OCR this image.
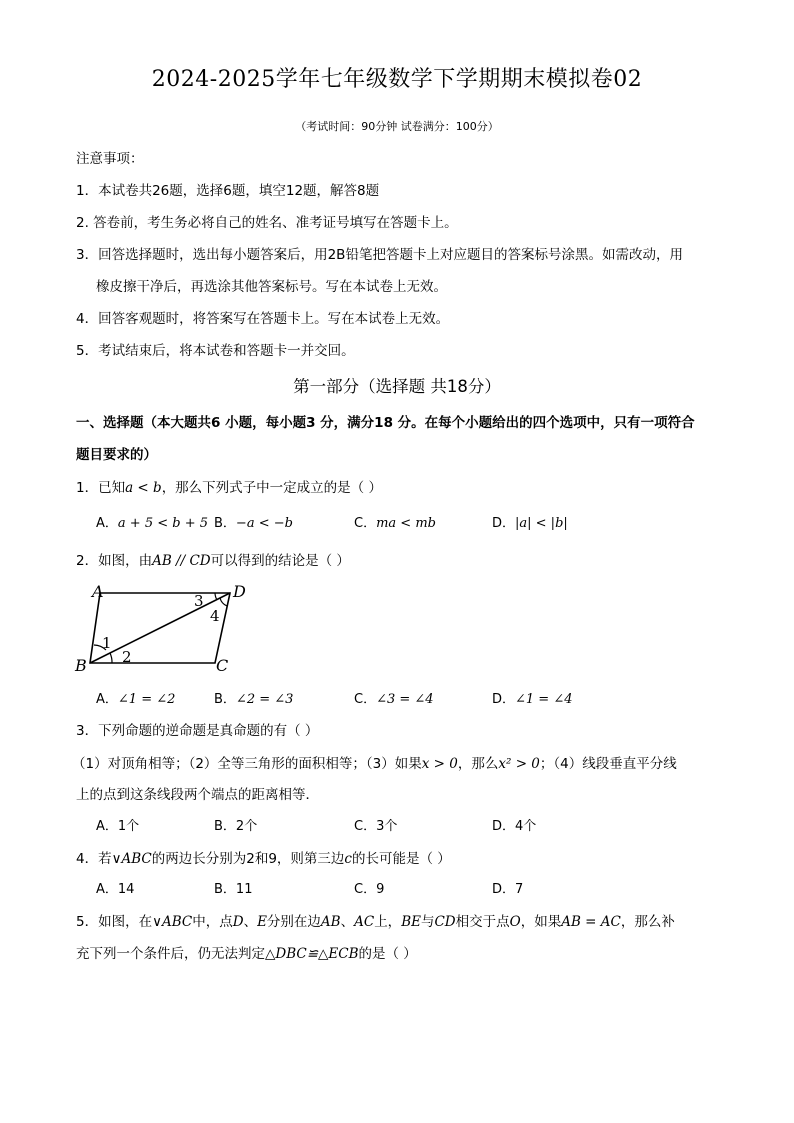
2024-2025学年七年级数学下学期期末模拟卷02
（考试时间：90分钟 试卷满分：100分）
注意事项：
1．本试卷共26题，选择6题，填空12题，解答8题
2. 答卷前，考生务必将自己的姓名、准考证号填写在答题卡上。
3．回答选择题时，选出每小题答案后，用2B铅笔把答题卡上对应题目的答案标号涂黑。如需改动，用
橡皮擦干净后，再选涂其他答案标号。写在本试卷上无效。
4．回答客观题时，将答案写在答题卡上。写在本试卷上无效。
5．考试结束后，将本试卷和答题卡一并交回。
第一部分（选择题 共18分）
一、选择题（本大题共6 小题，每小题3 分，满分18 分。在每个小题给出的四个选项中，只有一项符合
题目要求的）
1．已知a < b，那么下列式子中一定成立的是（ ）
A．a + 5 < b + 5 B．−a < −b	C．ma < mb	D．|a| < |b|
2．如图，由AB // CD可以得到的结论是（ ）
A	D
B	C
1
2
3
4
A．∠1 = ∠2	B．∠2 = ∠3	C．∠3 = ∠4	D．∠1 = ∠4
3．下列命题的逆命题是真命题的有（ ）
（1）对顶角相等；（2）全等三角形的面积相等；（3）如果x > 0，那么x² > 0；（4）线段垂直平分线
上的点到这条线段两个端点的距离相等．
A．1个	B．2个	C．3个	D．4个
4．若∨ABC的两边长分别为2和9，则第三边c的长可能是（ ）
A．14	B．11	C．9	D．7
5．如图，在∨ABC中，点D、E分别在边AB、AC上，BE与CD相交于点O，如果AB = AC，那么补
充下列一个条件后，仍无法判定△DBC≌△ECB的是（ ）
